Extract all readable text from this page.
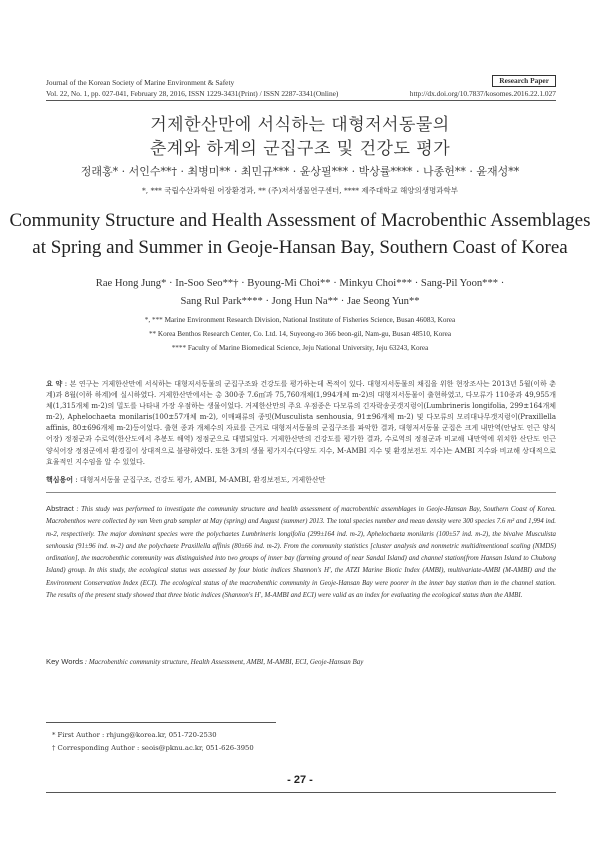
Journal of the Korean Society of Marine Environment & Safety	Research Paper
Vol. 22, No. 1, pp. 027-041, February 28, 2016, ISSN 1229-3431(Print) / ISSN 2287-3341(Online)	http://dx.doi.org/10.7837/kosomes.2016.22.1.027
거제한산만에 서식하는 대형저서동물의
춘계와 하계의 군집구조 및 건강도 평가
정래홍* · 서인수**† · 최병미** · 최민규*** · 윤상필*** · 박상률**** · 나종헌** · 윤재성**
*, *** 국립수산과학원 어장환경과, ** (주)저서생물연구센터, **** 제주대학교 해양의생명과학부
Community Structure and Health Assessment of Macrobenthic Assemblages
at Spring and Summer in Geoje-Hansan Bay, Southern Coast of Korea
Rae Hong Jung* · In-Soo Seo**† · Byoung-Mi Choi** · Minkyu Choi*** · Sang-Pil Yoon*** ·
Sang Rul Park**** · Jong Hun Na** · Jae Seong Yun**
*, *** Marine Environment Research Division, National Institute of Fisheries Science, Busan 46083, Korea
** Korea Benthos Research Center, Co. Ltd. 14, Suyeong-ro 366 beon-gil, Nam-gu, Busan 48510, Korea
**** Faculty of Marine Biomedical Science, Jeju National University, Jeju 63243, Korea
요 약 : 본 연구는 거제한산만에 서식하는 대형저서동물의 군집구조와 건강도를 평가하는데 목적이 있다. 대형저서동물의 채집을 위한 현장조사는 2013년 5월(이하 춘계)과 8월(이하 하계)에 실시하였다. 거제한산만에서는 총 300종 7.6㎡과 75,760개체(1,994개체 m-2)의 대형저서동물이 출현하였고, 다모류가 110종과 49,955개체(1,315개체 m-2)의 밀도를 나타내 가장 우점하는 생물이었다. 거제한산만의 주요 우점종은 다모류의 긴자락송곳갯지렁이(Lumbrineris longifolia, 299±164개체 m-2), Aphelochaeta monilaris(100±57개체 m-2), 이매패류의 종밋(Musculista senhousia, 91±96개체 m-2) 및 다모류의 모리대나무갯지렁이(Praxillella affinis, 80±696개체 m-2)등이었다. 출현 종과 개체수의 자료를 근거로 대형저서동물의 군집구조를 파악한 결과, 대형저서동물 군집은 크게 내만역(안남도 인근 양식어장) 정점군과 수로역(한산도에서 추봉도 해역) 정점군으로 대별되었다. 거제한산만의 건강도를 평가한 결과, 수로역의 정점군과 비교해 내만역에 위치한 산단도 인근 양식어장 정점군에서 환경질이 상대적으로 불량하였다. 또한 3개의 생물 평가지수(다양도 지수, M-AMBI 지수 및 환경보전도 지수)는 AMBI 지수와 비교해 상대적으로 효율적인 지수임을 알 수 있었다.
핵심용어 : 대형저서동물 군집구조, 건강도 평가, AMBI, M-AMBI, 환경보전도, 거제한산만
Abstract : This study was performed to investigate the community structure and health assessment of macrobenthic assemblages in Geoje-Hansan Bay, Southern Coast of Korea. Macrobenthos were collected by van Veen grab sampler at May (spring) and August (summer) 2013. The total species number and mean density were 300 species 7.6 m² and 1,994 ind. m-2, respectively. The major dominant species were the polychaetes Lumbrineris longifolia (299±164 ind. m-2), Aphelochaeta monilaris (100±57 ind. m-2), the bivalve Musculista senhousia (91±96 ind. m-2) and the polychaete Praxillella affinis (80±66 ind. m-2). From the community statistics [cluster analysis and nonmetric multidimentional scaling (NMDS) ordination], the macrobenthic community was distinguished into two groups of inner bay (farming ground of near Sandal Island) and channel station(from Hansan Island to Chubong Island) group. In this study, the ecological status was assessed by four biotic indices Shannon's H', the ATZI Marine Biotic Index (AMBI), multivariate-AMBI (M-AMBI) and the Environment Conservation Index (ECI). The ecological status of the macrobenthic community in Geoje-Hansan Bay were poorer in the inner bay station than in the channel station. The results of the present study showed that three biotic indices (Shannon's H', M-AMBI and ECI) were valid as an index for evaluating the ecological status than the AMBI.
Key Words : Macrobenthic community structure, Health Assessment, AMBI, M-AMBI, ECI, Geoje-Hansan Bay
* First Author : rhjung@korea.kr, 051-720-2530
† Corresponding Author : seois@pknu.ac.kr, 051-626-3950
- 27 -
